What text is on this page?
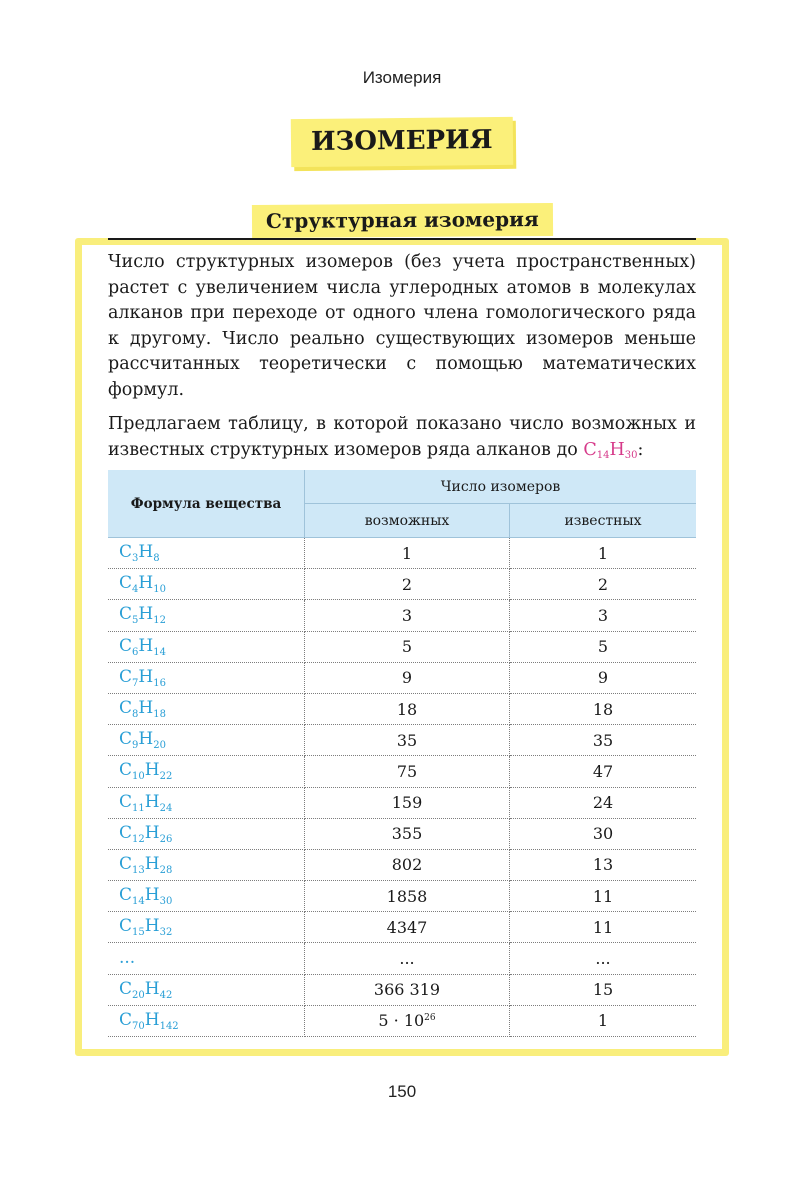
Изомерия
ИЗОМЕРИЯ
Структурная изомерия
Число структурных изомеров (без учета пространственных) растет с увеличением числа углеродных атомов в молекулах алканов при переходе от одного члена гомологического ряда к другому. Число реально существующих изомеров меньше рассчитанных теоретически с помощью математических формул.
Предлагаем таблицу, в которой показано число возможных и известных структурных изомеров ряда алканов до $C_{14}H_{30}$:
Формула вещества	Число изомеров	
	возможных	известных
$C_3H_8$	1	1
$C_4H_{10}$	2	2
$C_5H_{12}$	3	3
$C_6H_{14}$	5	5
$C_7H_{16}$	9	9
$C_8H_{18}$	18	18
$C_9H_{20}$	35	35
$C_{10}H_{22}$	75	47
$C_{11}H_{24}$	159	24
$C_{12}H_{26}$	355	30
$C_{13}H_{28}$	802	13
$C_{14}H_{30}$	1858	11
$C_{15}H_{32}$	4347	11
...	...	...
$C_{20}H_{42}$	366 319	15
$C_{70}H_{142}$	$5 \cdot 10^{26}$	1
150
